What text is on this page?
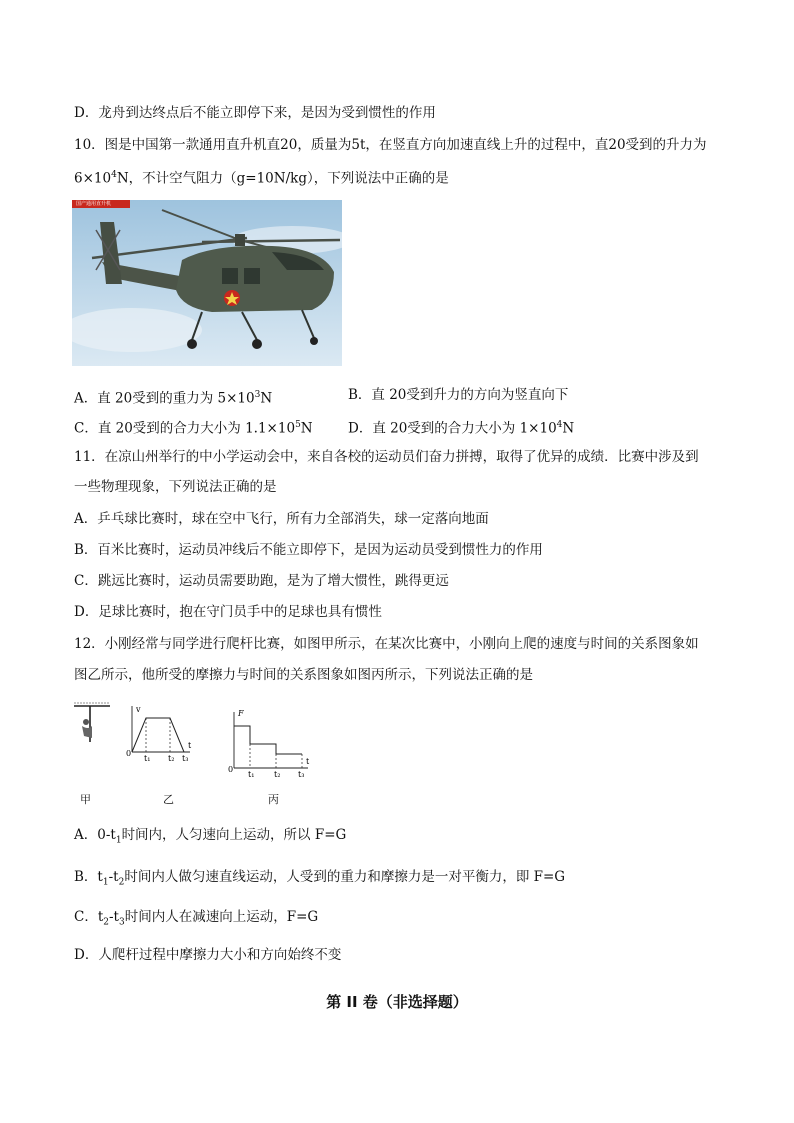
D．龙舟到达终点后不能立即停下来，是因为受到惯性的作用
10．图是中国第一款通用直升机直20，质量为5t，在竖直方向加速直线上升的过程中，直20受到的升力为
$6\times 10^4N$，不计空气阻力（g=10N/kg），下列说法中正确的是
A．直 20受到的重力为 $5\times 10^3N$	B．直 20受到升力的方向为竖直向下
C．直 20受到的合力大小为 $1.1\times 10^5N$	D．直 20受到的合力大小为 $1\times 10^4N$
11．在凉山州举行的中小学运动会中，来自各校的运动员们奋力拼搏，取得了优异的成绩．比赛中涉及到
一些物理现象，下列说法正确的是
A．乒乓球比赛时，球在空中飞行，所有力全部消失，球一定落向地面
B．百米比赛时，运动员冲线后不能立即停下，是因为运动员受到惯性力的作用
C．跳远比赛时，运动员需要助跑，是为了增大惯性，跳得更远
D．足球比赛时，抱在守门员手中的足球也具有惯性
12．小刚经常与同学进行爬杆比赛，如图甲所示，在某次比赛中，小刚向上爬的速度与时间的关系图象如
图乙所示，他所受的摩擦力与时间的关系图象如图丙所示，下列说法正确的是
v
t
0
t₁ t₂ t₃
F
t
0
t₁ t₂ t₃
甲	乙	丙
A．$0-t_1$时间内，人匀速向上运动，所以 F=G
B．$t_1-t_2$时间内人做匀速直线运动，人受到的重力和摩擦力是一对平衡力，即 F=G
C．$t_2-t_3$时间内人在减速向上运动，F=G
D．人爬杆过程中摩擦力大小和方向始终不变
第 II 卷（非选择题）
国产通用直升机
